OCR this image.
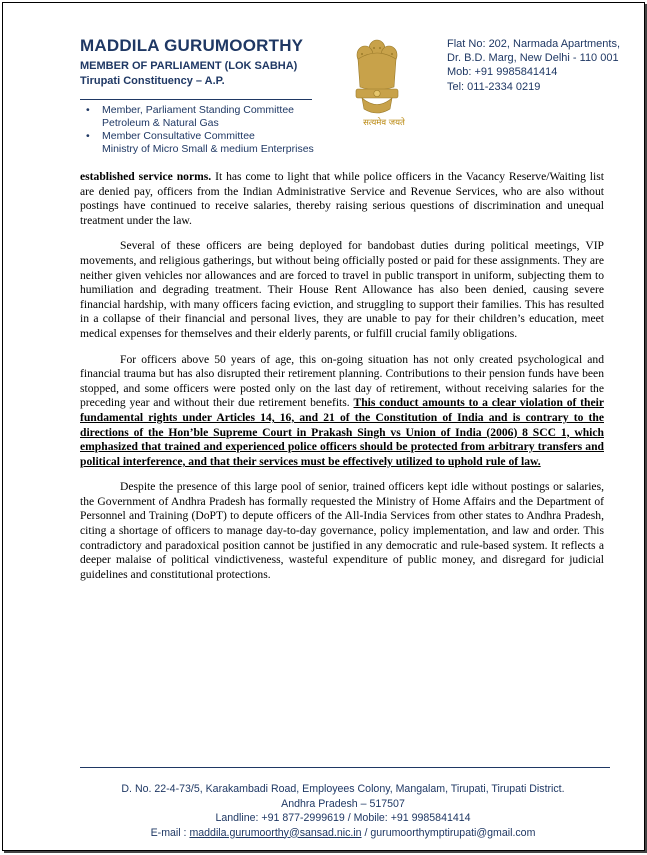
MADDILA GURUMOORTHY
MEMBER OF PARLIAMENT (LOK SABHA)
Tirupati Constituency – A.P.
• Member, Parliament Standing Committee
Petroleum & Natural Gas
• Member Consultative Committee
Ministry of Micro Small & medium Enterprises
सत्यमेव जयते
Flat No: 202, Narmada Apartments,
Dr. B.D. Marg, New Delhi - 110 001
Mob: +91 9985841414
Tel: 011-2334 0219

established service norms. It has come to light that while police officers in the Vacancy Reserve/Waiting list are denied pay, officers from the Indian Administrative Service and Revenue Services, who are also without postings have continued to receive salaries, thereby raising serious questions of discrimination and unequal treatment under the law.

Several of these officers are being deployed for bandobast duties during political meetings, VIP movements, and religious gatherings, but without being officially posted or paid for these assignments. They are neither given vehicles nor allowances and are forced to travel in public transport in uniform, subjecting them to humiliation and degrading treatment. Their House Rent Allowance has also been denied, causing severe financial hardship, with many officers facing eviction, and struggling to support their families. This has resulted in a collapse of their financial and personal lives, they are unable to pay for their children’s education, meet medical expenses for themselves and their elderly parents, or fulfill crucial family obligations.

For officers above 50 years of age, this on-going situation has not only created psychological and financial trauma but has also disrupted their retirement planning. Contributions to their pension funds have been stopped, and some officers were posted only on the last day of retirement, without receiving salaries for the preceding year and without their due retirement benefits. This conduct amounts to a clear violation of their fundamental rights under Articles 14, 16, and 21 of the Constitution of India and is contrary to the directions of the Hon’ble Supreme Court in Prakash Singh vs Union of India (2006) 8 SCC 1, which emphasized that trained and experienced police officers should be protected from arbitrary transfers and political interference, and that their services must be effectively utilized to uphold rule of law.

Despite the presence of this large pool of senior, trained officers kept idle without postings or salaries, the Government of Andhra Pradesh has formally requested the Ministry of Home Affairs and the Department of Personnel and Training (DoPT) to depute officers of the All-India Services from other states to Andhra Pradesh, citing a shortage of officers to manage day-to-day governance, policy implementation, and law and order. This contradictory and paradoxical position cannot be justified in any democratic and rule-based system. It reflects a deeper malaise of political vindictiveness, wasteful expenditure of public money, and disregard for judicial guidelines and constitutional protections.

D. No. 22-4-73/5, Karakambadi Road, Employees Colony, Mangalam, Tirupati, Tirupati District.
Andhra Pradesh – 517507
Landline: +91 877-2999619 / Mobile: +91 9985841414
E-mail : maddila.gurumoorthy@sansad.nic.in / gurumoorthymptirupati@gmail.com
